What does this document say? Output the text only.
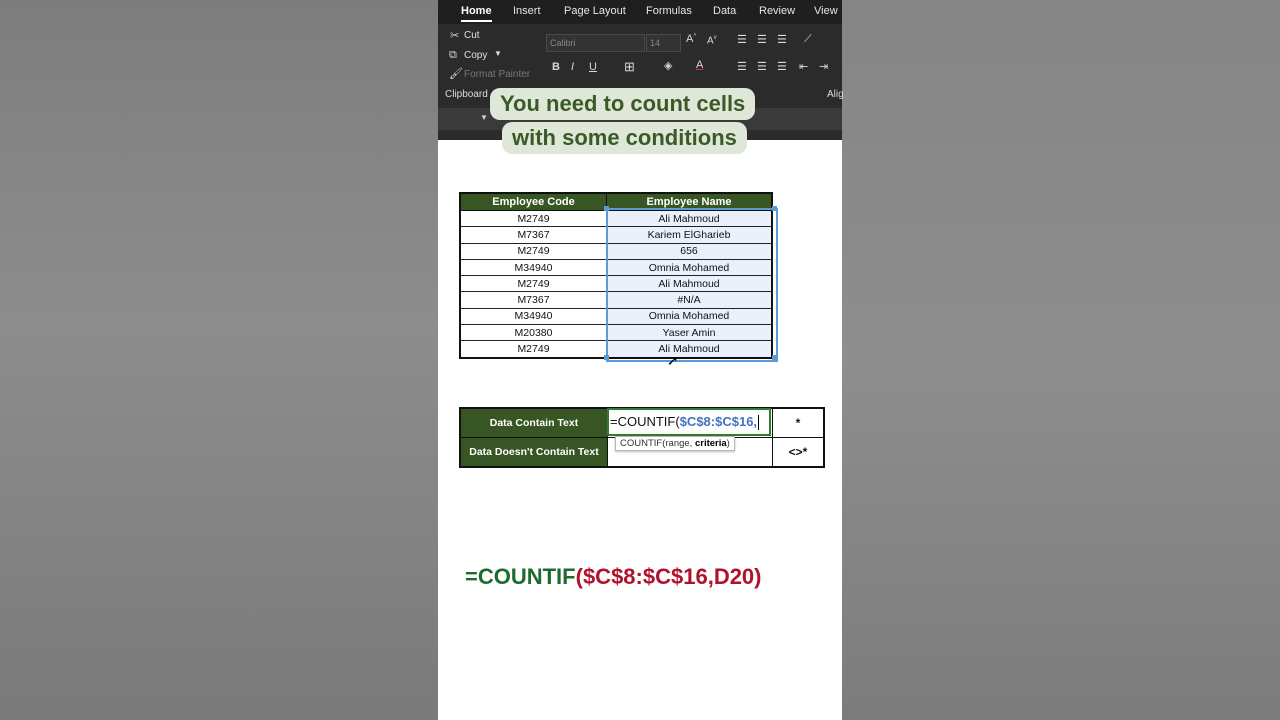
Home Insert Page Layout Formulas Data Review View
✂ Cut
⧉ Copy ▼
🖌 Format Painter
Clipboard
Calibri	14	A^ $A^v$
B I U ⊞	◈ A
☰ ☰ ☰ ⟋
☰ ☰ ☰ ⇤ ⇥
Alig
▼
You need to count cells
with some conditions
Employee Code	Employee Name
M2749	Ali Mahmoud
M7367	Kariem ElGharieb
M2749	656
M34940	Omnia Mohamed
M2749	Ali Mahmoud
M7367	#N/A
M34940	Omnia Mohamed
M20380	Yaser Amin
M2749	Ali Mahmoud
➚
Data Contain Text	=COUNTIF($C$8:$C$16,	*
Data Doesn't Contain Text		<>*
COUNTIF(range, criteria)
=COUNTIF($C$8:$C$16,D20)
